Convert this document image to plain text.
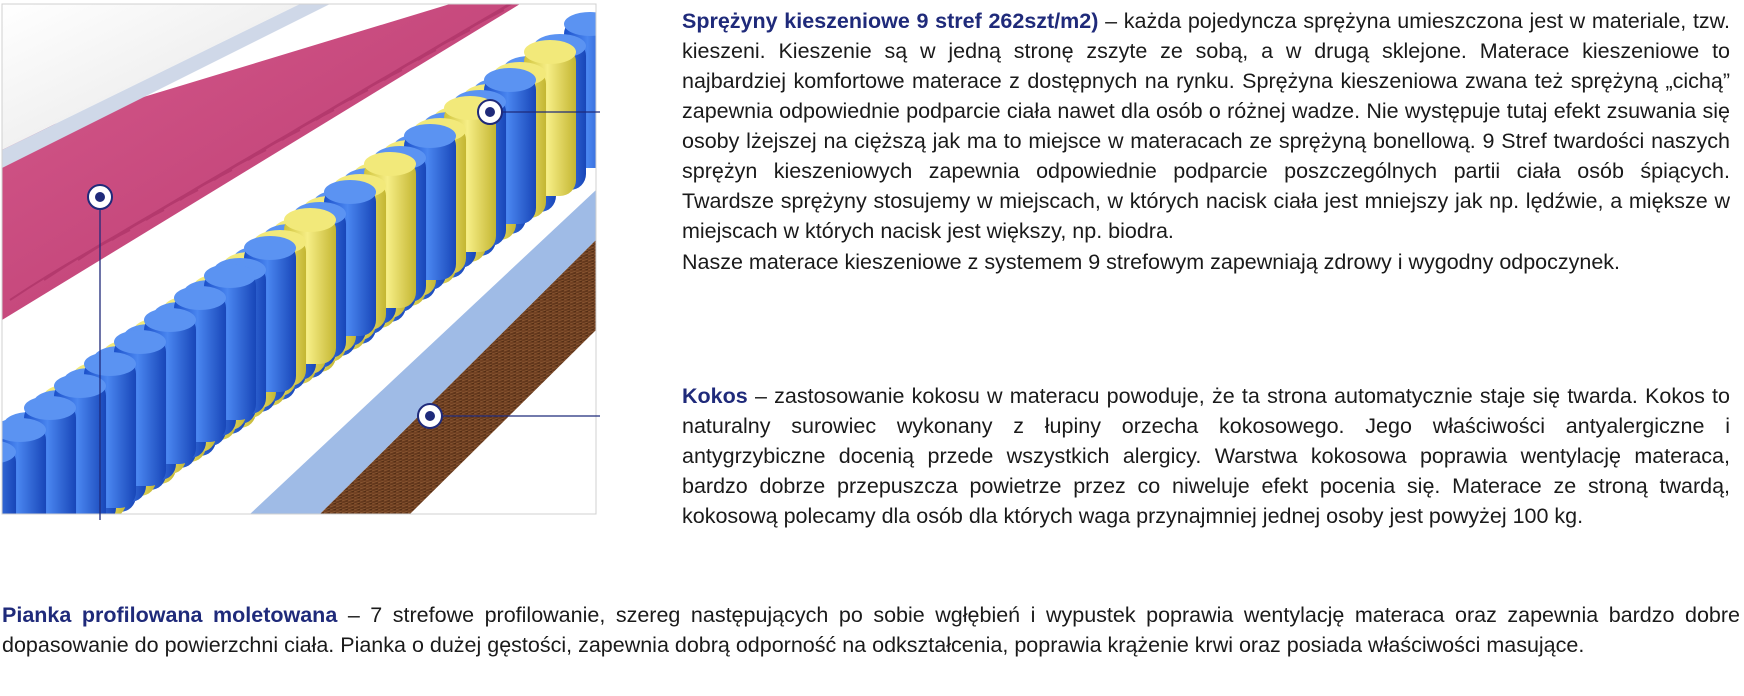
Sprężyny kieszeniowe 9 stref 262szt/m2) – każda pojedyncza sprężyna umieszczona jest w materiale, tzw. kieszeni. Kieszenie są w jedną stronę zszyte ze sobą, a w drugą sklejone. Materace kieszeniowe to najbardziej komfortowe materace z dostępnych na rynku. Sprężyna kieszeniowa zwana też sprężyną „cichą” zapewnia odpowiednie podparcie ciała nawet dla osób o różnej wadze. Nie występuje tutaj efekt zsuwania się osoby lżejszej na cięższą jak ma to miejsce w materacach ze sprężyną bonellową. 9 Stref twardości naszych sprężyn kieszeniowych zapewnia odpowiednie podparcie poszczególnych partii ciała osób śpiących. Twardsze sprężyny stosujemy w miejscach, w których nacisk ciała jest mniejszy jak np. lędźwie, a miększe w miejscach w których nacisk jest większy, np. biodra.

Nasze materace kieszeniowe z systemem 9 strefowym zapewniają zdrowy i wygodny odpoczynek.

Kokos – zastosowanie kokosu w materacu powoduje, że ta strona automatycznie staje się twarda. Kokos to naturalny surowiec wykonany z łupiny orzecha kokosowego. Jego właściwości antyalergiczne i antygrzybiczne docenią przede wszystkich alergicy. Warstwa kokosowa poprawia wentylację materaca, bardzo dobrze przepuszcza powietrze przez co niweluje efekt pocenia się. Materace ze stroną twardą, kokosową polecamy dla osób dla których waga przynajmniej jednej osoby jest powyżej 100 kg.

Pianka profilowana moletowana – 7 strefowe profilowanie, szereg następujących po sobie wgłębień i wypustek poprawia wentylację materaca oraz zapewnia bardzo dobre dopasowanie do powierzchni ciała. Pianka o dużej gęstości, zapewnia dobrą odporność na odkształcenia, poprawia krążenie krwi oraz posiada właściwości masujące.
